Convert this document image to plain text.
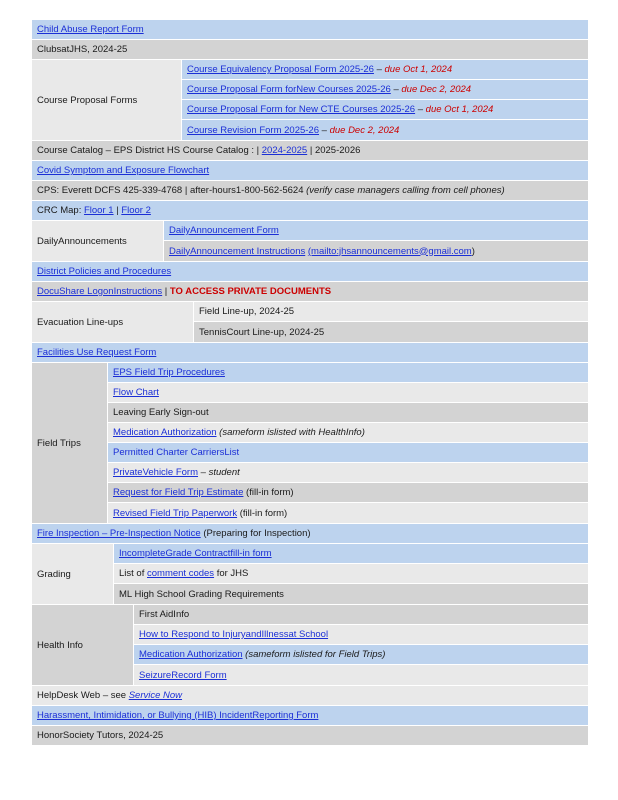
Child Abuse Report Form
ClubsatJHS, 2024-25
Course Proposal Forms
Course Equivalency Proposal Form 2025-26 – due Oct 1, 2024
Course Proposal Form forNew Courses 2025-26 – due Dec 2, 2024
Course Proposal Form for New CTE Courses 2025-26 – due Oct 1, 2024
Course Revision Form 2025-26 – due Dec 2, 2024
Course Catalog – EPS District HS Course Catalog : | 2024-2025 | 2025-2026
Covid Symptom and Exposure Flowchart
CPS: Everett DCFS 425-339-4768 | after-hours1-800-562-5624 (verify case managers calling from cell phones)
CRC Map: Floor 1 | Floor 2
DailyAnnouncements
DailyAnnouncement Form
DailyAnnouncement Instructions
(mailto:jhsannouncements@gmail.com )
District Policies and Procedures
DocuShare LogonInstructions | TO ACCESS PRIVATE DOCUMENTS
Evacuation Line-ups
Field Line-up, 2024-25
TennisCourt Line-up, 2024-25
Facilities Use Request Form
Field Trips
EPS Field Trip Procedures
Flow Chart
Leaving Early Sign-out
Medication Authorization (sameform islisted with HealthInfo)
Permitted Charter CarriersList
PrivateVehicle Form – student
Request for Field Trip Estimate (fill-in form)
Revised Field Trip Paperwork (fill-in form)
Fire Inspection – Pre-Inspection Notice (Preparing for Inspection)
Grading
IncompleteGrade Contractfill-in form
List of comment codes for JHS
ML High School Grading Requirements
Health Info
First AidInfo
How to Respond to InjuryandIllnessat School
Medication Authorization (sameform islisted for Field Trips)
SeizureRecord Form
HelpDesk Web – see Service Now
Harassment, Intimidation, or Bullying (HIB) IncidentReporting Form
HonorSociety Tutors, 2024-25
